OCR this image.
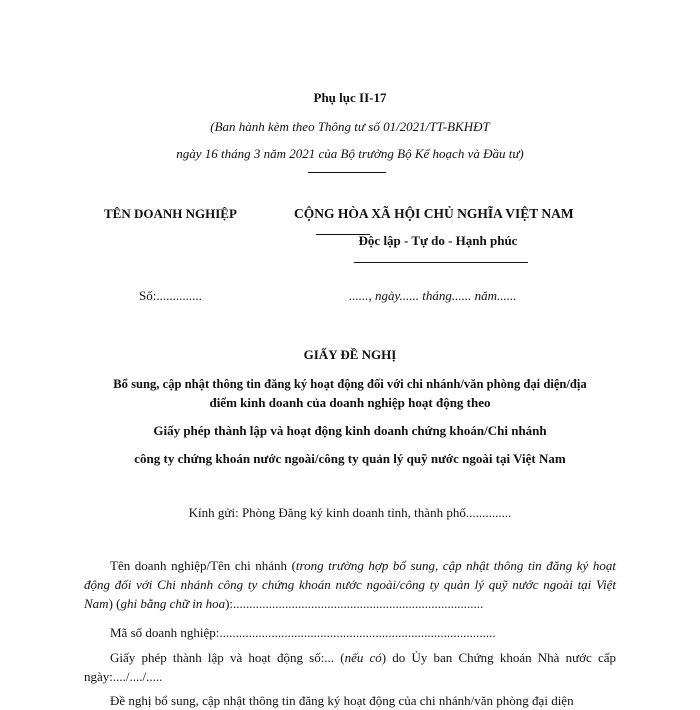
Phụ lục II-17
(Ban hành kèm theo Thông tư số 01/2021/TT-BKHĐT
ngày 16 tháng 3 năm 2021 của Bộ trưởng Bộ Kế hoạch và Đầu tư)
TÊN DOANH NGHIỆP	CỘNG HÒA XÃ HỘI CHỦ NGHĨA VIỆT NAM
Độc lập - Tự do - Hạnh phúc
Số:..............	......, ngày...... tháng...... năm......
GIẤY ĐỀ NGHỊ
Bổ sung, cập nhật thông tin đăng ký hoạt động đối với chi nhánh/văn phòng đại diện/địa
điểm kinh doanh của doanh nghiệp hoạt động theo
Giấy phép thành lập và hoạt động kinh doanh chứng khoán/Chi nhánh
công ty chứng khoán nước ngoài/công ty quản lý quỹ nước ngoài tại Việt Nam
Kính gửi: Phòng Đăng ký kinh doanh tỉnh, thành phố..............
Tên doanh nghiệp/Tên chi nhánh (trong trường hợp bổ sung, cập nhật thông tin đăng ký hoạt động đối với Chi nhánh công ty chứng khoán nước ngoài/công ty quản lý quỹ nước ngoài tại Việt Nam) (ghi bằng chữ in hoa):.............................................................................
Mã số doanh nghiệp:.....................................................................................
Giấy phép thành lập và hoạt động số:... (nếu có) do Ủy ban Chứng khoán Nhà nước cấp ngày:..../..../.....
Đề nghị bổ sung, cập nhật thông tin đăng ký hoạt động của chi nhánh/văn phòng đại diện
